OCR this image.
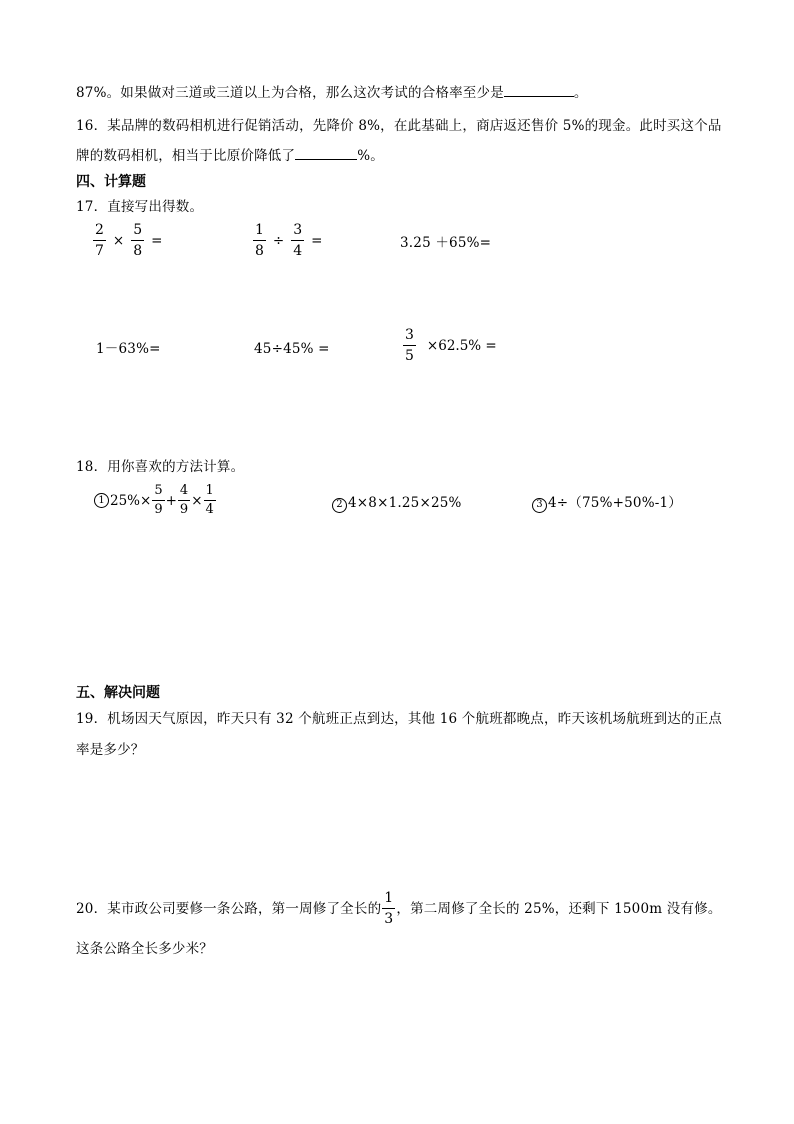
87%。如果做对三道或三道以上为合格，那么这次考试的合格率至少是	。
16．某品牌的数码相机进行促销活动，先降价 8%，在此基础上，商店返还售价 5%的现金。此时买这个品
牌的数码相机，相当于比原价降低了	%。
四、计算题
17．直接写出得数。
$\frac{2}{7} \times \frac{5}{8}$ =	$\frac{1}{8} \div \frac{3}{4}$ =	3.25 ＋65%=
1－63%=	45÷45% =	$\frac{3}{5} \times 62.5\%$ =
18．用你喜欢的方法计算。
1 $25\%\times \frac{5}{9} + \frac{4}{9} \times \frac{1}{4}$	2 4×8×1.25×25%	3 4÷（75%+50%-1）
五、解决问题
19．机场因天气原因，昨天只有 32 个航班正点到达，其他 16 个航班都晚点，昨天该机场航班到达的正点
率是多少？
20．某市政公司要修一条公路，第一周修了全长的 $\frac{1}{3}$ ，第二周修了全长的 25%，还剩下 1500m 没有修。
这条公路全长多少米？
